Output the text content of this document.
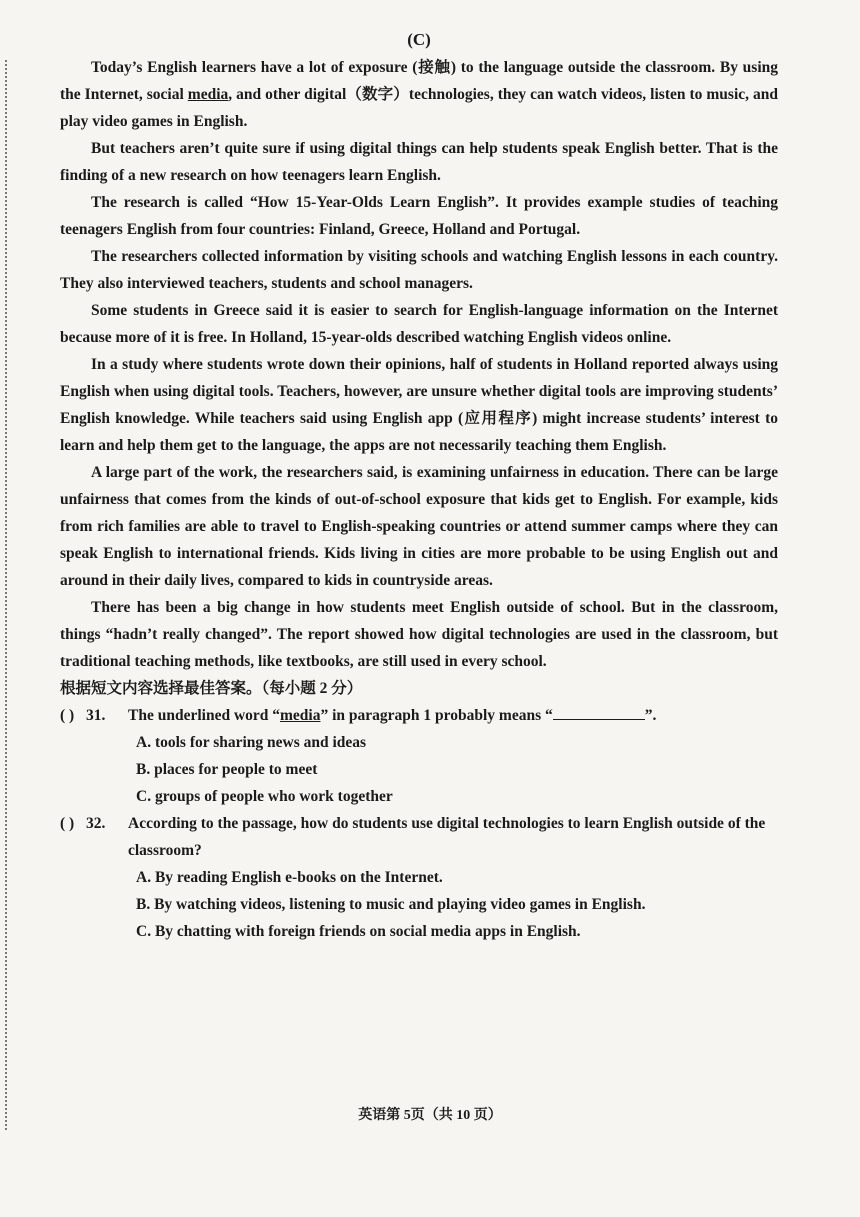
(C)

Today’s English learners have a lot of exposure (接触) to the language outside the classroom. By using the Internet, social media, and other digital（数字）technologies, they can watch videos, listen to music, and play video games in English.

But teachers aren’t quite sure if using digital things can help students speak English better. That is the finding of a new research on how teenagers learn English.

The research is called “How 15-Year-Olds Learn English”. It provides example studies of teaching teenagers English from four countries: Finland, Greece, Holland and Portugal.

The researchers collected information by visiting schools and watching English lessons in each country. They also interviewed teachers, students and school managers.

Some students in Greece said it is easier to search for English-language information on the Internet because more of it is free. In Holland, 15-year-olds described watching English videos online.

In a study where students wrote down their opinions, half of students in Holland reported always using English when using digital tools. Teachers, however, are unsure whether digital tools are improving students’ English knowledge. While teachers said using English app (应用程序) might increase students’ interest to learn and help them get to the language, the apps are not necessarily teaching them English.

A large part of the work, the researchers said, is examining unfairness in education. There can be large unfairness that comes from the kinds of out-of-school exposure that kids get to English. For example, kids from rich families are able to travel to English-speaking countries or attend summer camps where they can speak English to international friends. Kids living in cities are more probable to be using English out and around in their daily lives, compared to kids in countryside areas.

There has been a big change in how students meet English outside of school. But in the classroom, things “hadn’t really changed”. The report showed how digital technologies are used in the classroom, but traditional teaching methods, like textbooks, are still used in every school.

根据短文内容选择最佳答案。（每小题 2 分）

( ) 31.	The underlined word “media” in paragraph 1 probably means “	”.

A. tools for sharing news and ideas

B. places for people to meet

C. groups of people who work together

( ) 32.	According to the passage, how do students use digital technologies to learn English outside of the classroom?

A. By reading English e-books on the Internet.

B. By watching videos, listening to music and playing video games in English.

C. By chatting with foreign friends on social media apps in English.

英语第 5页（共 10 页）
